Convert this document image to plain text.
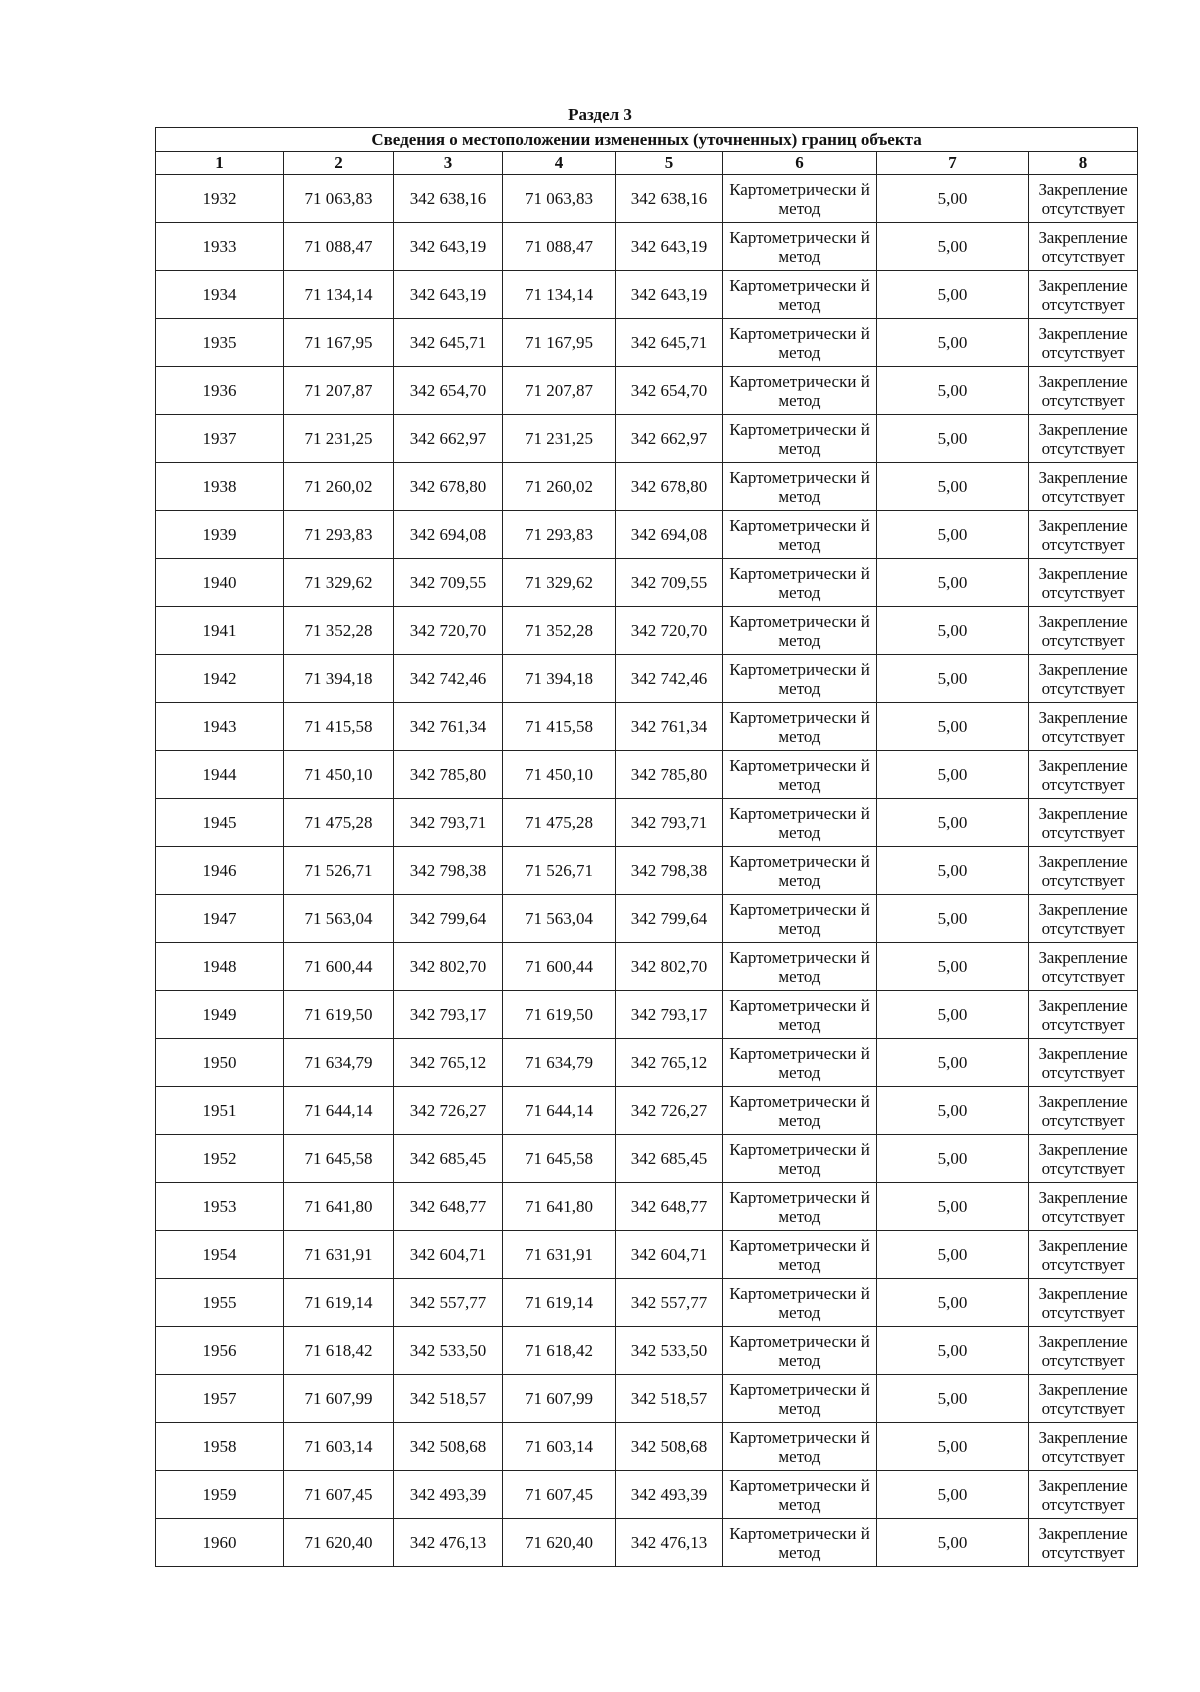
Раздел 3
Сведения о местоположении измененных (уточненных) границ объекта							
1	2	3	4	5	6	7	8
1932	71 063,83	342 638,16	71 063,83	342 638,16	Картометрически й метод	5,00	Закрепление отсутствует
1933	71 088,47	342 643,19	71 088,47	342 643,19	Картометрически й метод	5,00	Закрепление отсутствует
1934	71 134,14	342 643,19	71 134,14	342 643,19	Картометрически й метод	5,00	Закрепление отсутствует
1935	71 167,95	342 645,71	71 167,95	342 645,71	Картометрически й метод	5,00	Закрепление отсутствует
1936	71 207,87	342 654,70	71 207,87	342 654,70	Картометрически й метод	5,00	Закрепление отсутствует
1937	71 231,25	342 662,97	71 231,25	342 662,97	Картометрически й метод	5,00	Закрепление отсутствует
1938	71 260,02	342 678,80	71 260,02	342 678,80	Картометрически й метод	5,00	Закрепление отсутствует
1939	71 293,83	342 694,08	71 293,83	342 694,08	Картометрически й метод	5,00	Закрепление отсутствует
1940	71 329,62	342 709,55	71 329,62	342 709,55	Картометрически й метод	5,00	Закрепление отсутствует
1941	71 352,28	342 720,70	71 352,28	342 720,70	Картометрически й метод	5,00	Закрепление отсутствует
1942	71 394,18	342 742,46	71 394,18	342 742,46	Картометрически й метод	5,00	Закрепление отсутствует
1943	71 415,58	342 761,34	71 415,58	342 761,34	Картометрически й метод	5,00	Закрепление отсутствует
1944	71 450,10	342 785,80	71 450,10	342 785,80	Картометрически й метод	5,00	Закрепление отсутствует
1945	71 475,28	342 793,71	71 475,28	342 793,71	Картометрически й метод	5,00	Закрепление отсутствует
1946	71 526,71	342 798,38	71 526,71	342 798,38	Картометрически й метод	5,00	Закрепление отсутствует
1947	71 563,04	342 799,64	71 563,04	342 799,64	Картометрически й метод	5,00	Закрепление отсутствует
1948	71 600,44	342 802,70	71 600,44	342 802,70	Картометрически й метод	5,00	Закрепление отсутствует
1949	71 619,50	342 793,17	71 619,50	342 793,17	Картометрически й метод	5,00	Закрепление отсутствует
1950	71 634,79	342 765,12	71 634,79	342 765,12	Картометрически й метод	5,00	Закрепление отсутствует
1951	71 644,14	342 726,27	71 644,14	342 726,27	Картометрически й метод	5,00	Закрепление отсутствует
1952	71 645,58	342 685,45	71 645,58	342 685,45	Картометрически й метод	5,00	Закрепление отсутствует
1953	71 641,80	342 648,77	71 641,80	342 648,77	Картометрически й метод	5,00	Закрепление отсутствует
1954	71 631,91	342 604,71	71 631,91	342 604,71	Картометрически й метод	5,00	Закрепление отсутствует
1955	71 619,14	342 557,77	71 619,14	342 557,77	Картометрически й метод	5,00	Закрепление отсутствует
1956	71 618,42	342 533,50	71 618,42	342 533,50	Картометрически й метод	5,00	Закрепление отсутствует
1957	71 607,99	342 518,57	71 607,99	342 518,57	Картометрически й метод	5,00	Закрепление отсутствует
1958	71 603,14	342 508,68	71 603,14	342 508,68	Картометрически й метод	5,00	Закрепление отсутствует
1959	71 607,45	342 493,39	71 607,45	342 493,39	Картометрически й метод	5,00	Закрепление отсутствует
1960	71 620,40	342 476,13	71 620,40	342 476,13	Картометрически й метод	5,00	Закрепление отсутствует
